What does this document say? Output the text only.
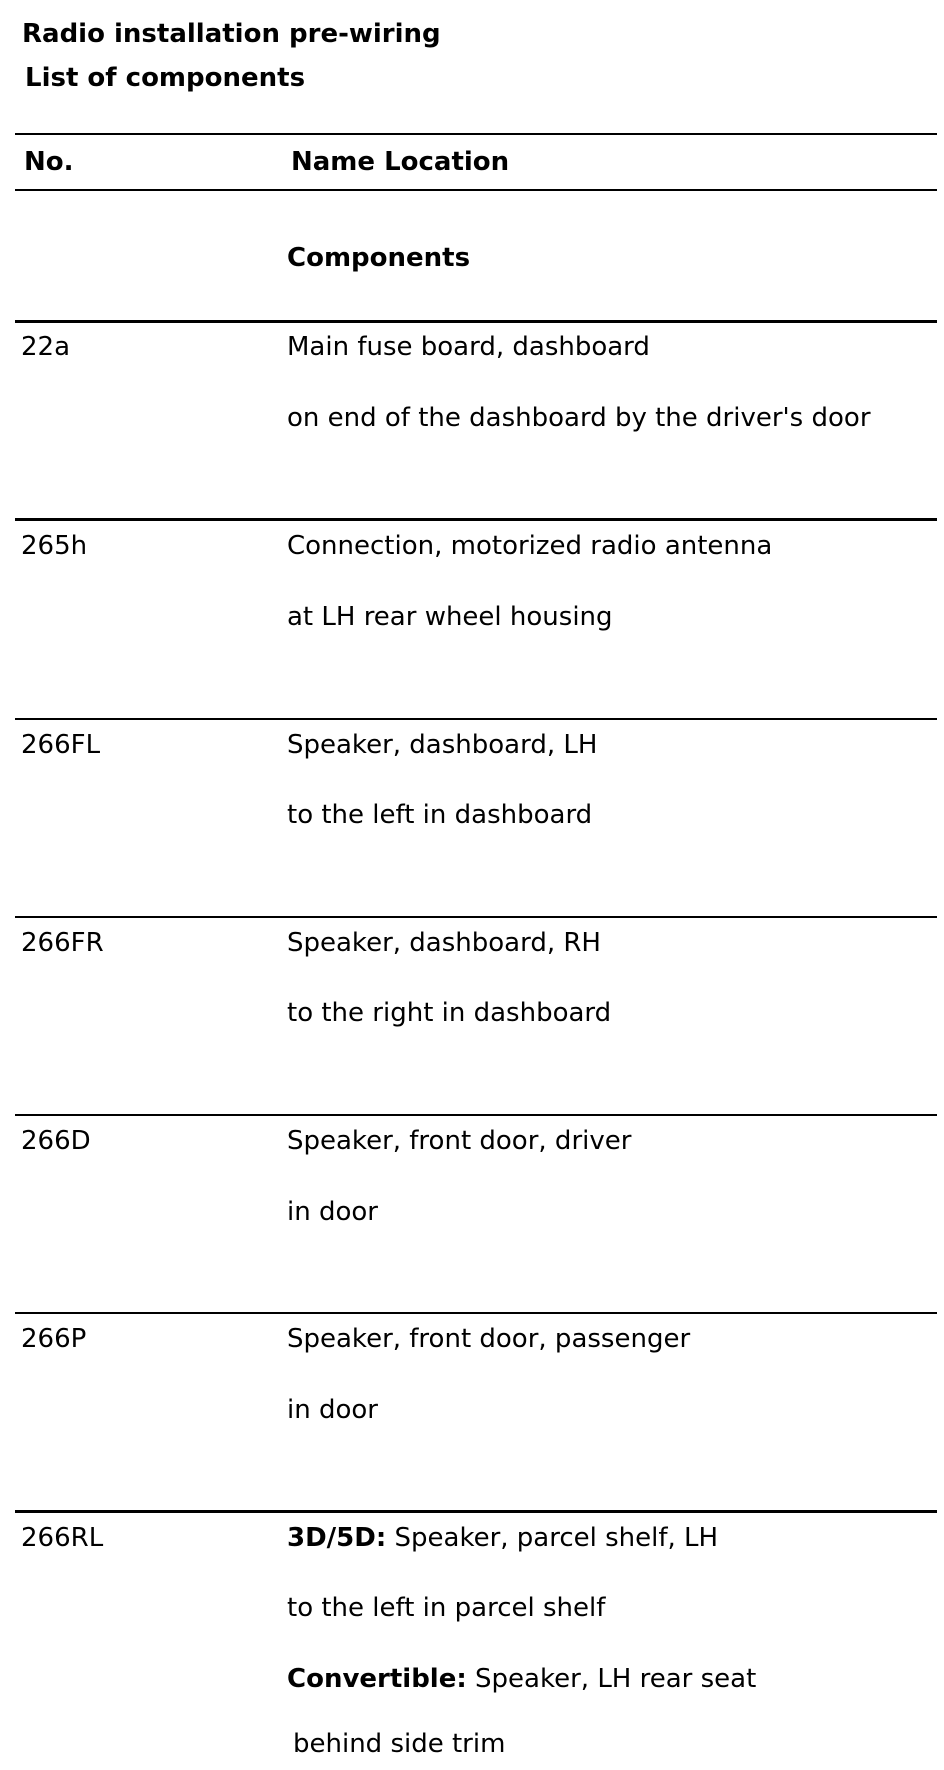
Radio installation pre-wiring
List of components
No.	Name Location
Components
22a	Main fuse board, dashboard
on end of the dashboard by the driver's door
265h	Connection, motorized radio antenna
at LH rear wheel housing
266FL	Speaker, dashboard, LH
to the left in dashboard
266FR	Speaker, dashboard, RH
to the right in dashboard
266D	Speaker, front door, driver
in door
266P	Speaker, front door, passenger
in door
266RL	3D/5D: Speaker, parcel shelf, LH
to the left in parcel shelf
Convertible: Speaker, LH rear seat
behind side trim
